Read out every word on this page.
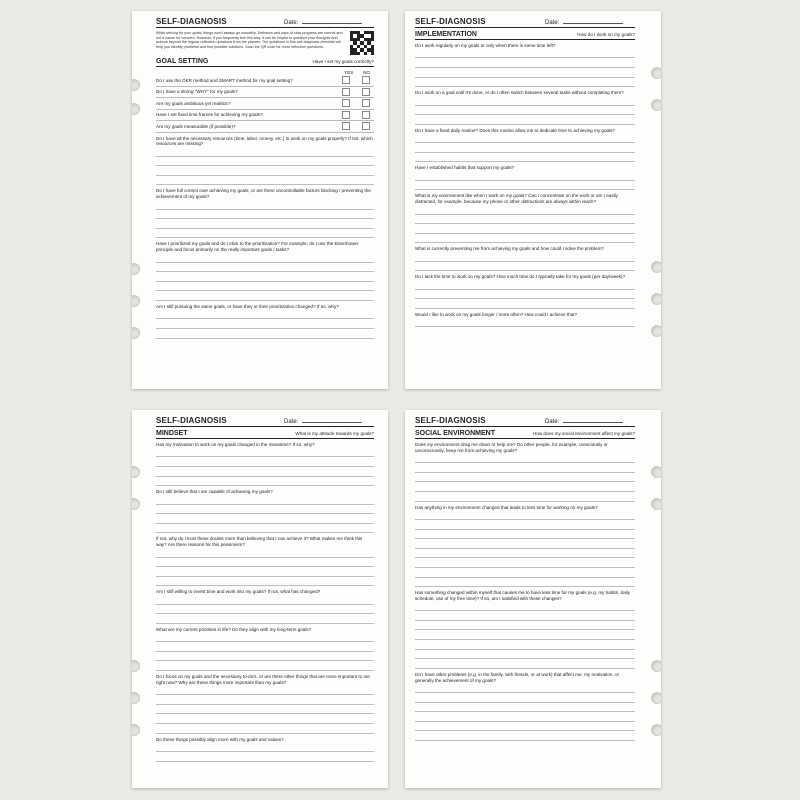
SELF-DIAGNOSIS	Date:
While striving for your goals, things won't always go smoothly. Setbacks and days of slow progress are normal and not a cause for concern. However, if you frequently feel this way, it can be helpful to question your thoughts and actions beyond the regular reflection questions from the planner. The questions in this self-diagnosis checklist will help you identify problems and find possible solutions. Scan the QR code for more reflection questions.
GOAL SETTING	Have I set my goals correctly?
YES NO
Do I use the OKR method and SMART method for my goal setting?
Do I have a strong "WHY" for my goals?
Are my goals ambitious yet realistic?
Have I set fixed time frames for achieving my goals?
Are my goals measurable (if possible)?
Do I have all the necessary resources (time, labor, money, etc.) to work on my goals properly? If not, which resources are missing?
Do I have full control over achieving my goals, or are there uncontrollable factors blocking / preventing the achievement of my goals?
Have I prioritized my goals and do I stick to the prioritization? For example, do I use the Eisenhower principle and focus primarily on the really important goals / tasks?
Am I still pursuing the same goals, or have they or their prioritization changed? If so, why?
SELF-DIAGNOSIS	Date:
IMPLEMENTATION	How do I work on my goals?
Do I work regularly on my goals or only when there is some time left?
Do I work on a goal until it's done, or do I often switch between several tasks without completing them?
Do I have a fixed daily routine? Does this routine allow me to dedicate time to achieving my goals?
Have I established habits that support my goals?
What is my environment like when I work on my goals? Can I concentrate on the work or am I easily distracted, for example, because my phone or other distractions are always within reach?
What is currently preventing me from achieving my goals and how could I solve the problem?
Do I lack the time to work on my goals? How much time do I typically take for my goals (per day/week)?
Would I like to work on my goals longer / more often? How could I achieve that?
SELF-DIAGNOSIS	Date:
MINDSET	What is my attitude towards my goals?
Has my motivation to work on my goals changed in the meantime? If so, why?
Do I still believe that I am capable of achieving my goals?
If not, why do I trust these doubts more than believing that I can achieve it? What makes me think this way? Are there reasons for this pessimism?
Am I still willing to invest time and work into my goals? If not, what has changed?
What are my current priorities in life? Do they align with my long-term goals?
Do I focus on my goals and the necessary to-do's, or are there other things that are more important to me right now? Why are these things more important than my goals?
Do these things possibly align more with my goals and values?
SELF-DIAGNOSIS	Date:
SOCIAL ENVIRONMENT	How does my social environment affect my goals?
Does my environment drag me down or help me? Do other people, for example, consciously or unconsciously, keep me from achieving my goals?
Has anything in my environment changed that leads to less time for working on my goals?
Has something changed within myself that causes me to have less time for my goals (e.g. my habits, daily schedule, use of my free time)? If so, am I satisfied with these changes?
Do I have other problems (e.g. in the family, with friends, or at work) that affect me, my motivation, or generally the achievement of my goals?
